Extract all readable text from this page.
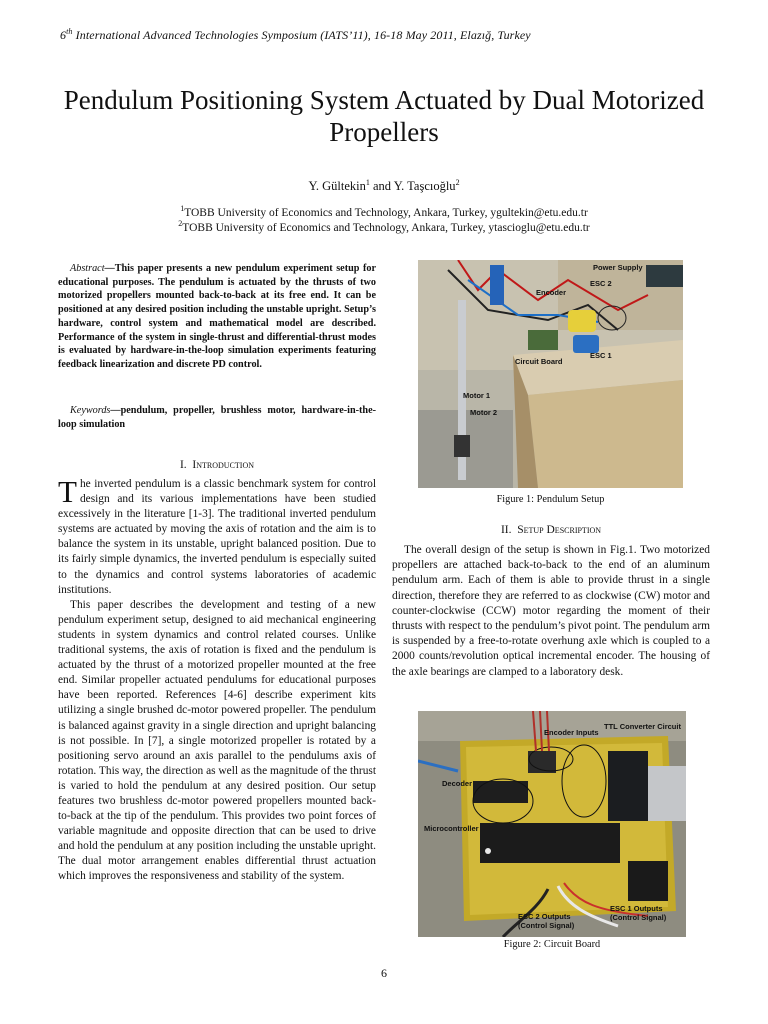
6th International Advanced Technologies Symposium (IATS’11), 16-18 May 2011, Elazığ, Turkey
Pendulum Positioning System Actuated by Dual Motorized Propellers
Y. Gültekin$^1$ and Y. Taşcıoğlu$^2$
$^1$TOBB University of Economics and Technology, Ankara, Turkey, ygultekin@etu.edu.tr
$^2$TOBB University of Economics and Technology, Ankara, Turkey, ytascioglu@etu.edu.tr

Abstract—This paper presents a new pendulum experiment setup for educational purposes. The pendulum is actuated by the thrusts of two motorized propellers mounted back-to-back at its free end. It can be positioned at any desired position including the unstable upright. Setup’s hardware, control system and mathematical model are described. Performance of the system in single-thrust and differential-thrust modes is evaluated by hardware-in-the-loop simulation experiments featuring feedback linearization and discrete PD control.

Keywords—pendulum, propeller, brushless motor, hardware-in-the-loop simulation

I. Introduction

The inverted pendulum is a classic benchmark system for control design and its various implementations have been studied excessively in the literature [1-3]. The traditional inverted pendulum systems are actuated by moving the axis of rotation and the aim is to balance the system in its unstable, upright balanced position. Due to its fairly simple dynamics, the inverted pendulum is especially suited to the dynamics and control systems laboratories of academic institutions.

This paper describes the development and testing of a new pendulum experiment setup, designed to aid mechanical engineering students in system dynamics and control related courses. Unlike traditional systems, the axis of rotation is fixed and the pendulum is actuated by the thrust of a motorized propeller mounted at the free end. Similar propeller actuated pendulums for educational purposes have been reported. References [4-6] describe experiment kits utilizing a single brushed dc-motor powered propeller. The pendulum is balanced against gravity in a single direction and upright balancing is not possible. In [7], a single motorized propeller is rotated by a positioning servo around an axis parallel to the pendulums axis of rotation. This way, the direction as well as the magnitude of the thrust is varied to hold the pendulum at any desired position. Our setup features two brushless dc-motor powered propellers mounted back-to-back at the tip of the pendulum. This provides two point forces of variable magnitude and opposite direction that can be used to drive and hold the pendulum at any position including the unstable upright. The dual motor arrangement enables differential thrust actuation which improves the responsiveness and stability of the system.

Power Supply
ESC 2
Encoder
ESC 1
Circuit Board
Motor 1
Motor 2
Figure 1: Pendulum Setup
II. Setup Description

The overall design of the setup is shown in Fig.1. Two motorized propellers are attached back-to-back to the end of an aluminum pendulum arm. Each of them is able to provide thrust in a single direction, therefore they are referred to as clockwise (CW) motor and counter-clockwise (CCW) motor regarding the moment of their thrusts with respect to the pendulum’s pivot point. The pendulum arm is suspended by a free-to-rotate overhung axle which is coupled to a 2000 counts/revolution optical incremental encoder. The housing of the axle bearings are clamped to a laboratory desk.

Encoder Inputs
TTL Converter Circuit
Decoder
Microcontroller
ESC 2 Outputs
(Control Signal)
ESC 1 Outputs
(Control Signal)
Figure 2: Circuit Board
6
